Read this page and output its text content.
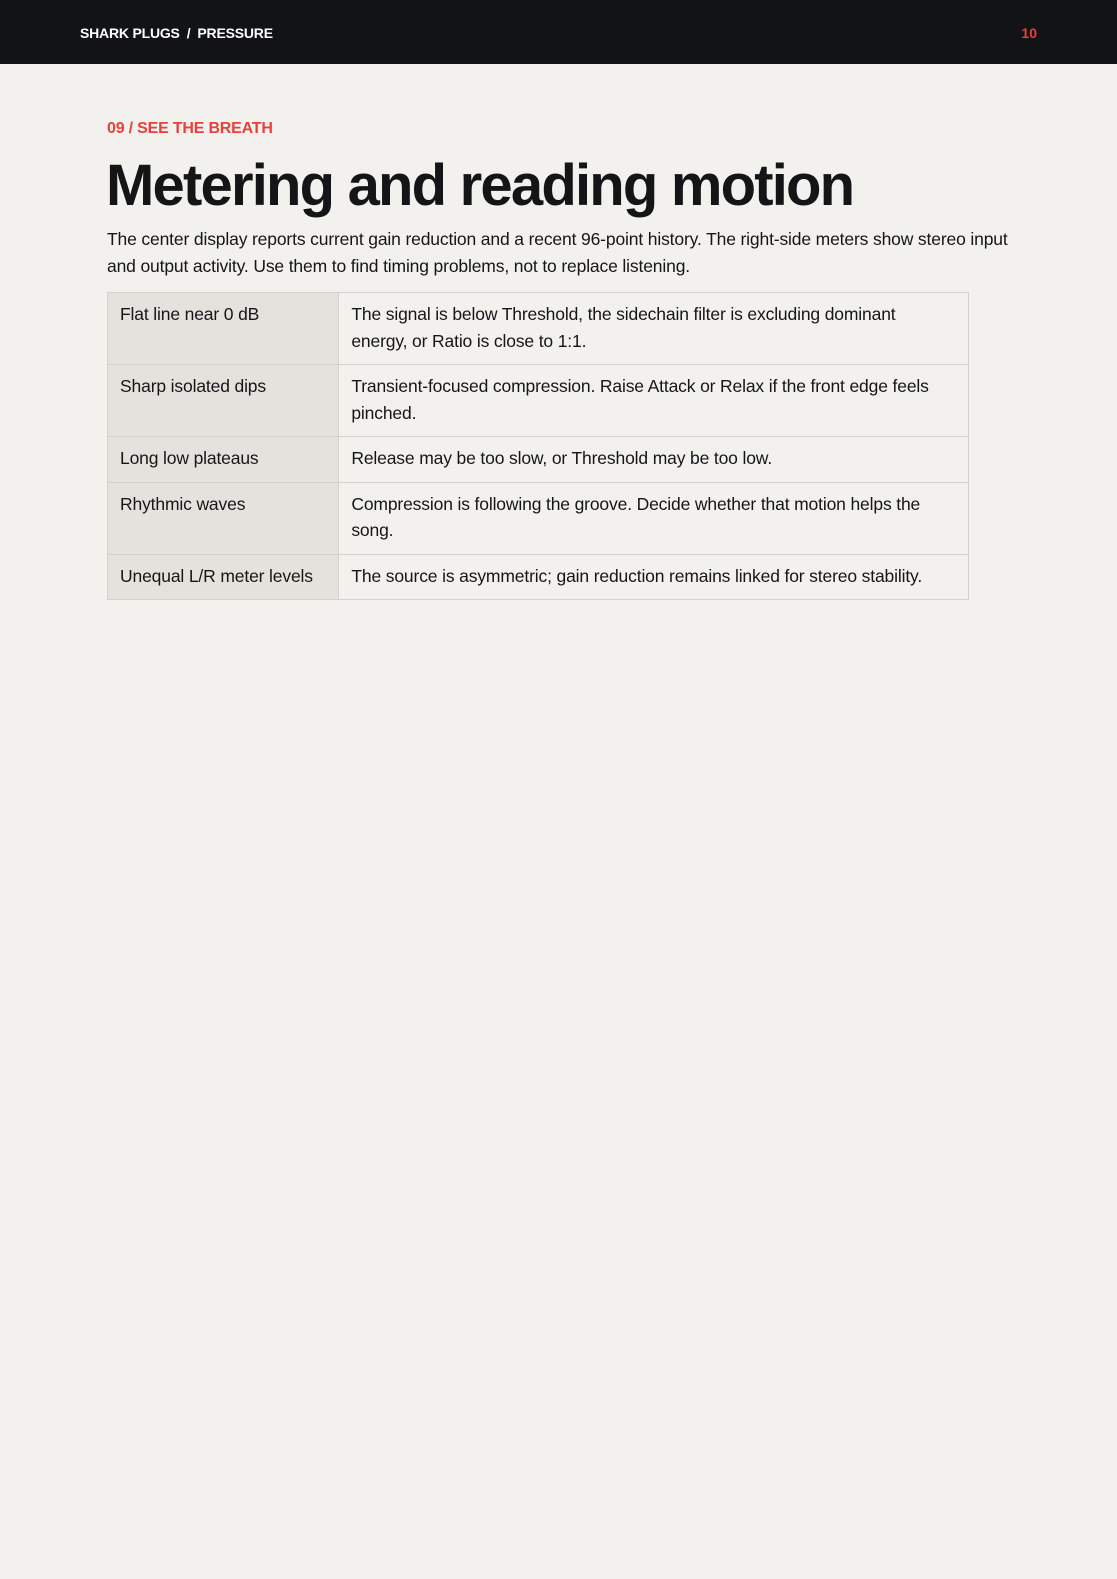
SHARK PLUGS / PRESSURE	10
09 / SEE THE BREATH
Metering and reading motion

The center display reports current gain reduction and a recent 96-point history. The right-side meters show stereo input and output activity. Use them to find timing problems, not to replace listening.

Flat line near 0 dB	The signal is below Threshold, the sidechain filter is excluding dominant energy, or Ratio is close to 1:1.
Sharp isolated dips	Transient-focused compression. Raise Attack or Relax if the front edge feels pinched.
Long low plateaus	Release may be too slow, or Threshold may be too low.
Rhythmic waves	Compression is following the groove. Decide whether that motion helps the song.
Unequal L/R meter levels	The source is asymmetric; gain reduction remains linked for stereo stability.
